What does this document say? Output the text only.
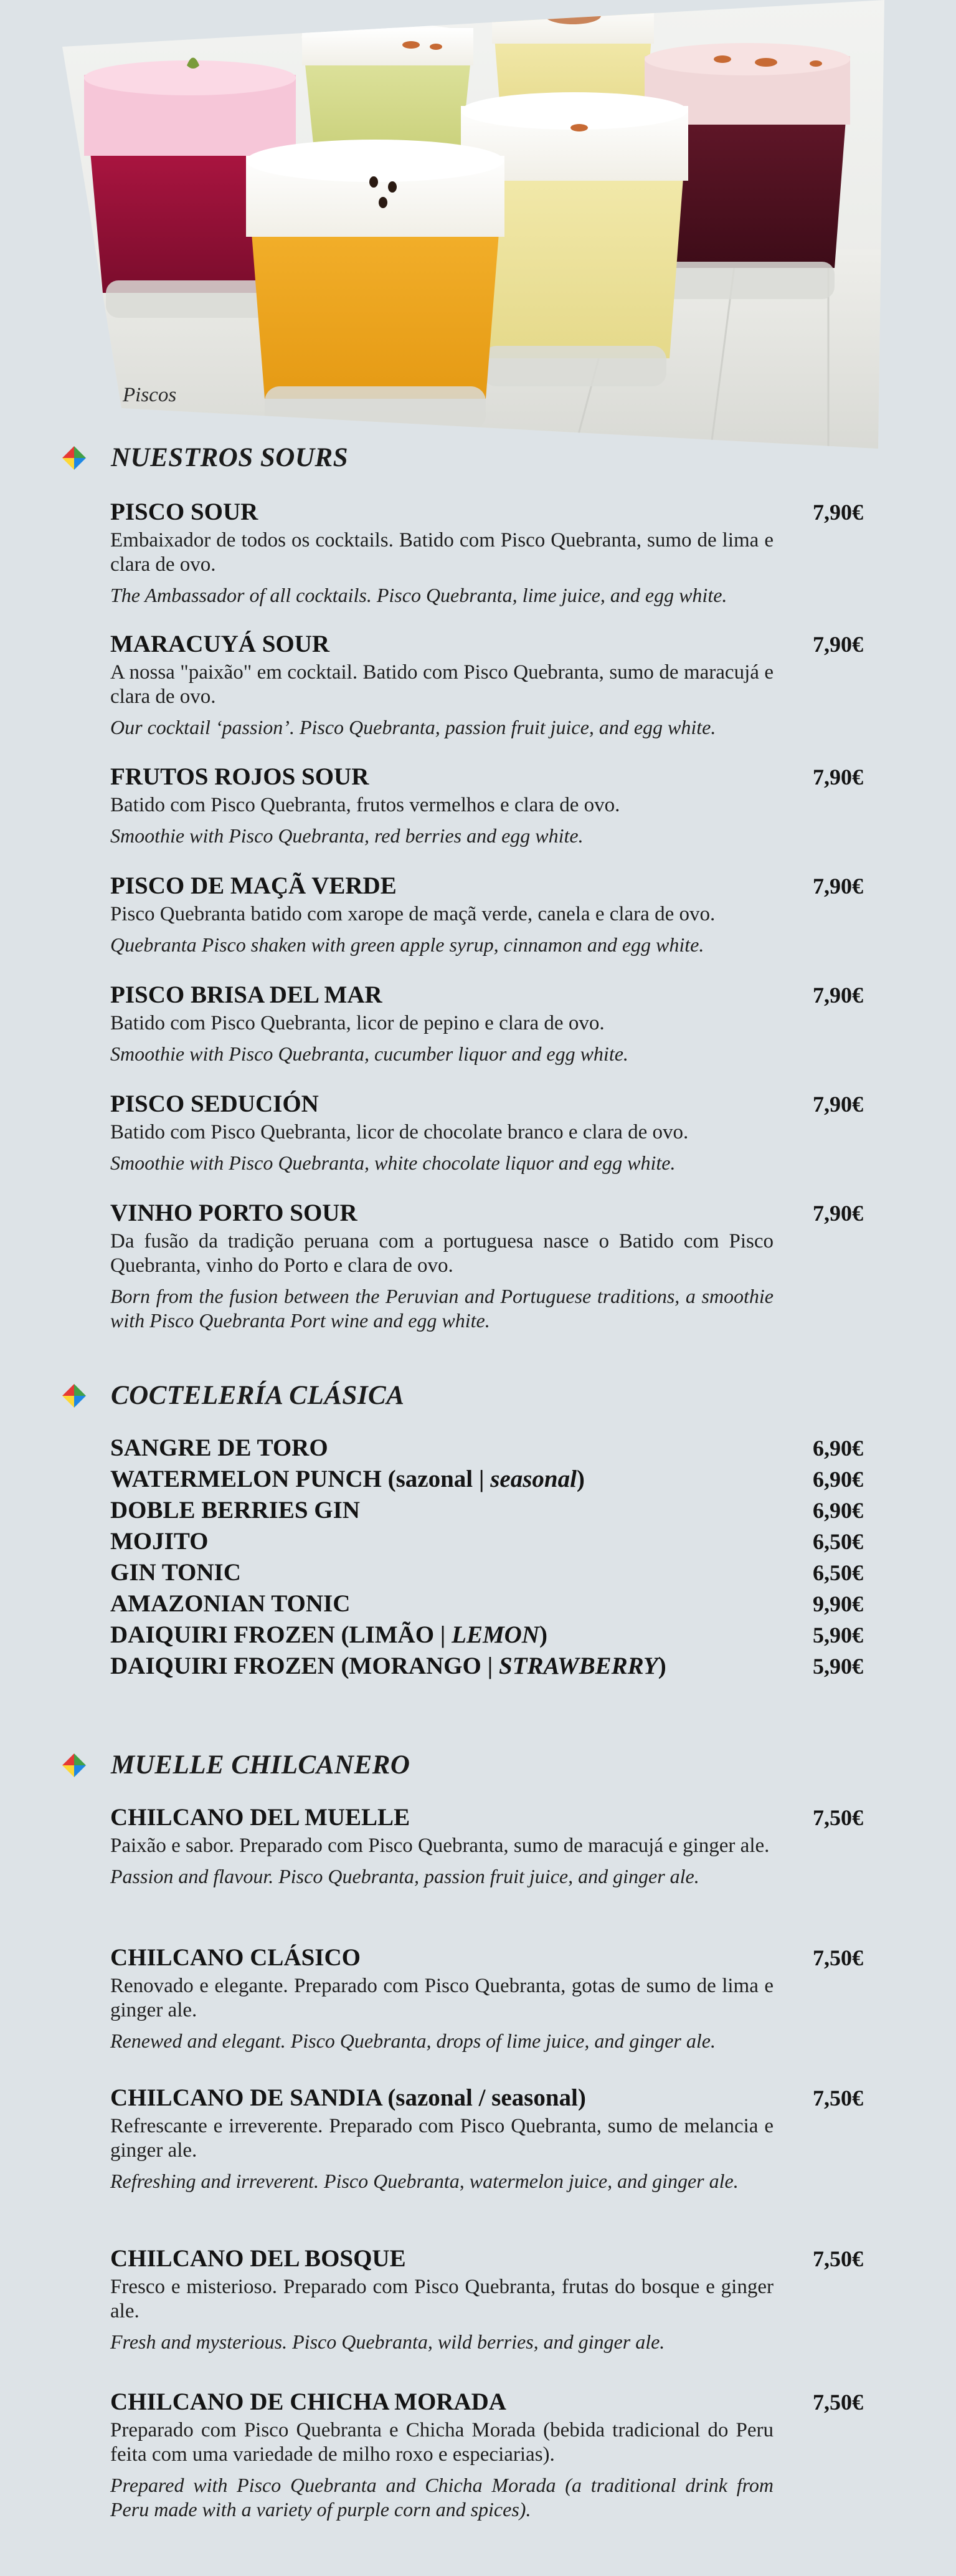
Piscos
NUESTROS SOURS
PISCO SOUR
Embaixador de todos os cocktails. Batido com Pisco Quebranta, sumo de lima e clara de ovo.
The Ambassador of all cocktails. Pisco Quebranta, lime juice, and egg white.
7,90€
MARACUYÁ SOUR
A nossa "paixão" em cocktail. Batido com Pisco Quebranta, sumo de maracujá e clara de ovo.
Our cocktail ‘passion’. Pisco Quebranta, passion fruit juice, and egg white.
7,90€
FRUTOS ROJOS SOUR
Batido com Pisco Quebranta, frutos vermelhos e clara de ovo.
Smoothie with Pisco Quebranta, red berries and egg white.
7,90€
PISCO DE MAÇÃ VERDE
Pisco Quebranta batido com xarope de maçã verde, canela e clara de ovo.
Quebranta Pisco shaken with green apple syrup, cinnamon and egg white.
7,90€
PISCO BRISA DEL MAR
Batido com Pisco Quebranta, licor de pepino e clara de ovo.
Smoothie with Pisco Quebranta, cucumber liquor and egg white.
7,90€
PISCO SEDUCIÓN
Batido com Pisco Quebranta, licor de chocolate branco e clara de ovo.
Smoothie with Pisco Quebranta, white chocolate liquor and egg white.
7,90€
VINHO PORTO SOUR
Da fusão da tradição peruana com a portuguesa nasce o Batido com Pisco Quebranta, vinho do Porto e clara de ovo.
Born from the fusion between the Peruvian and Portuguese traditions, a smoothie with Pisco Quebranta Port wine and egg white.
7,90€
COCTELERÍA CLÁSICA
SANGRE DE TORO	6,90€
WATERMELON PUNCH (sazonal | seasonal)	6,90€
DOBLE BERRIES GIN	6,90€
MOJITO	6,50€
GIN TONIC	6,50€
AMAZONIAN TONIC	9,90€
DAIQUIRI FROZEN (LIMÃO | LEMON)	5,90€
DAIQUIRI FROZEN (MORANGO | STRAWBERRY)	5,90€
MUELLE CHILCANERO
CHILCANO DEL MUELLE
Paixão e sabor. Preparado com Pisco Quebranta, sumo de maracujá e ginger ale.
Passion and flavour. Pisco Quebranta, passion fruit juice, and ginger ale.
7,50€
CHILCANO CLÁSICO
Renovado e elegante. Preparado com Pisco Quebranta, gotas de sumo de lima e ginger ale.
Renewed and elegant. Pisco Quebranta, drops of lime juice, and ginger ale.
7,50€
CHILCANO DE SANDIA (sazonal / seasonal)
Refrescante e irreverente. Preparado com Pisco Quebranta, sumo de melancia e ginger ale.
Refreshing and irreverent. Pisco Quebranta, watermelon juice, and ginger ale.
7,50€
CHILCANO DEL BOSQUE
Fresco e misterioso. Preparado com Pisco Quebranta, frutas do bosque e ginger ale.
Fresh and mysterious. Pisco Quebranta, wild berries, and ginger ale.
7,50€
CHILCANO DE CHICHA MORADA
Preparado com Pisco Quebranta e Chicha Morada (bebida tradicional do Peru feita com uma variedade de milho roxo e especiarias).
Prepared with Pisco Quebranta and Chicha Morada (a traditional drink from Peru made with a variety of purple corn and spices).
7,50€
